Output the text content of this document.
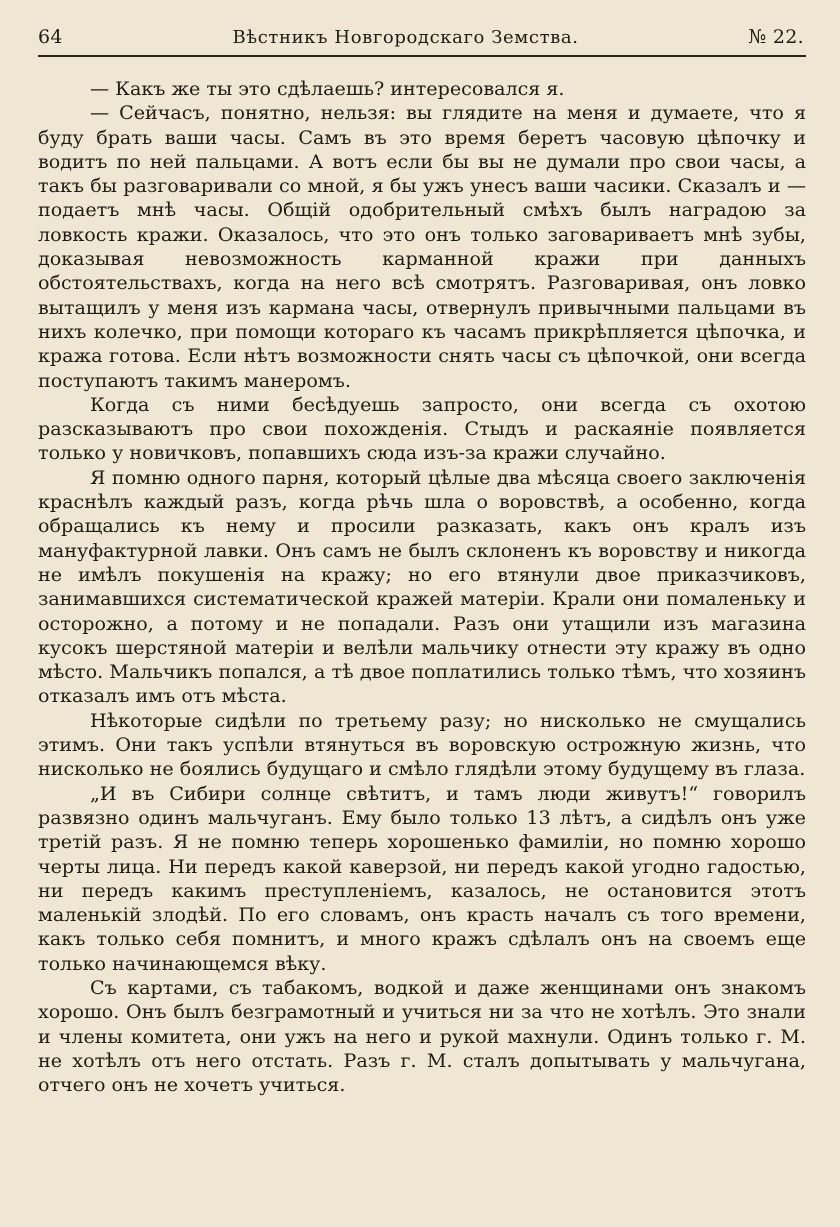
64	Вѣстникъ Новгородскаго Земства.	№ 22.

— Какъ же ты это сдѣлаешь? интересовался я.

— Сейчасъ, понятно, нельзя: вы глядите на меня и думаете, что я буду брать ваши часы. Самъ въ это время беретъ часовую цѣпочку и водитъ по ней пальцами. А вотъ если бы вы не думали про свои часы, а такъ бы разговаривали со мной, я бы ужъ унесъ ваши часики. Сказалъ и — подаетъ мнѣ часы. Общій одобрительный смѣхъ былъ наградою за ловкость кражи. Оказалось, что это онъ только заговариваетъ мнѣ зубы, доказывая невозможность карманной кражи при данныхъ обстоятельствахъ, когда на него всѣ смотрятъ. Разговаривая, онъ ловко вытащилъ у меня изъ кармана часы, отвернулъ привычными пальцами въ нихъ колечко, при помощи котораго къ часамъ прикрѣпляется цѣпочка, и кража готова. Если нѣтъ возможности снять часы съ цѣпочкой, они всегда поступаютъ такимъ манеромъ.

Когда съ ними бесѣдуешь запросто, они всегда съ охотою разсказываютъ про свои похожденія. Стыдъ и раскаяніе появляется только у новичковъ, попавшихъ сюда изъ-за кражи случайно.

Я помню одного парня, который цѣлые два мѣсяца своего заключенія краснѣлъ каждый разъ, когда рѣчь шла о воровствѣ, а особенно, когда обращались къ нему и просили разказать, какъ онъ кралъ изъ мануфактурной лавки. Онъ самъ не былъ склоненъ къ воровству и никогда не имѣлъ покушенія на кражу; но его втянули двое приказчиковъ, занимавшихся систематической кражей матеріи. Крали они помаленьку и осторожно, а потому и не попадали. Разъ они утащили изъ магазина кусокъ шерстяной матеріи и велѣли мальчику отнести эту кражу въ одно мѣсто. Мальчикъ попался, а тѣ двое поплатились только тѣмъ, что хозяинъ отказалъ имъ отъ мѣста.

Нѣкоторые сидѣли по третьему разу; но нисколько не смущались этимъ. Они такъ успѣли втянуться въ воровскую острожную жизнь, что нисколько не боялись будущаго и смѣло глядѣли этому будущему въ глаза.

„И въ Сибири солнце свѣтитъ, и тамъ люди живутъ!“ говорилъ развязно одинъ мальчуганъ. Ему было только 13 лѣтъ, а сидѣлъ онъ уже третій разъ. Я не помню теперь хорошенько фамиліи, но помню хорошо черты лица. Ни передъ какой каверзой, ни передъ какой угодно гадостью, ни передъ какимъ преступленіемъ, казалось, не остановится этотъ маленькій злодѣй. По его словамъ, онъ красть началъ съ того времени, какъ только себя помнитъ, и много кражъ сдѣлалъ онъ на своемъ еще только начинающемся вѣку.

Съ картами, съ табакомъ, водкой и даже женщинами онъ знакомъ хорошо. Онъ былъ безграмотный и учиться ни за что не хотѣлъ. Это знали и члены комитета, они ужъ на него и рукой махнули. Одинъ только г. М. не хотѣлъ отъ него отстать. Разъ г. М. сталъ допытывать у мальчугана, отчего онъ не хочетъ учиться.
